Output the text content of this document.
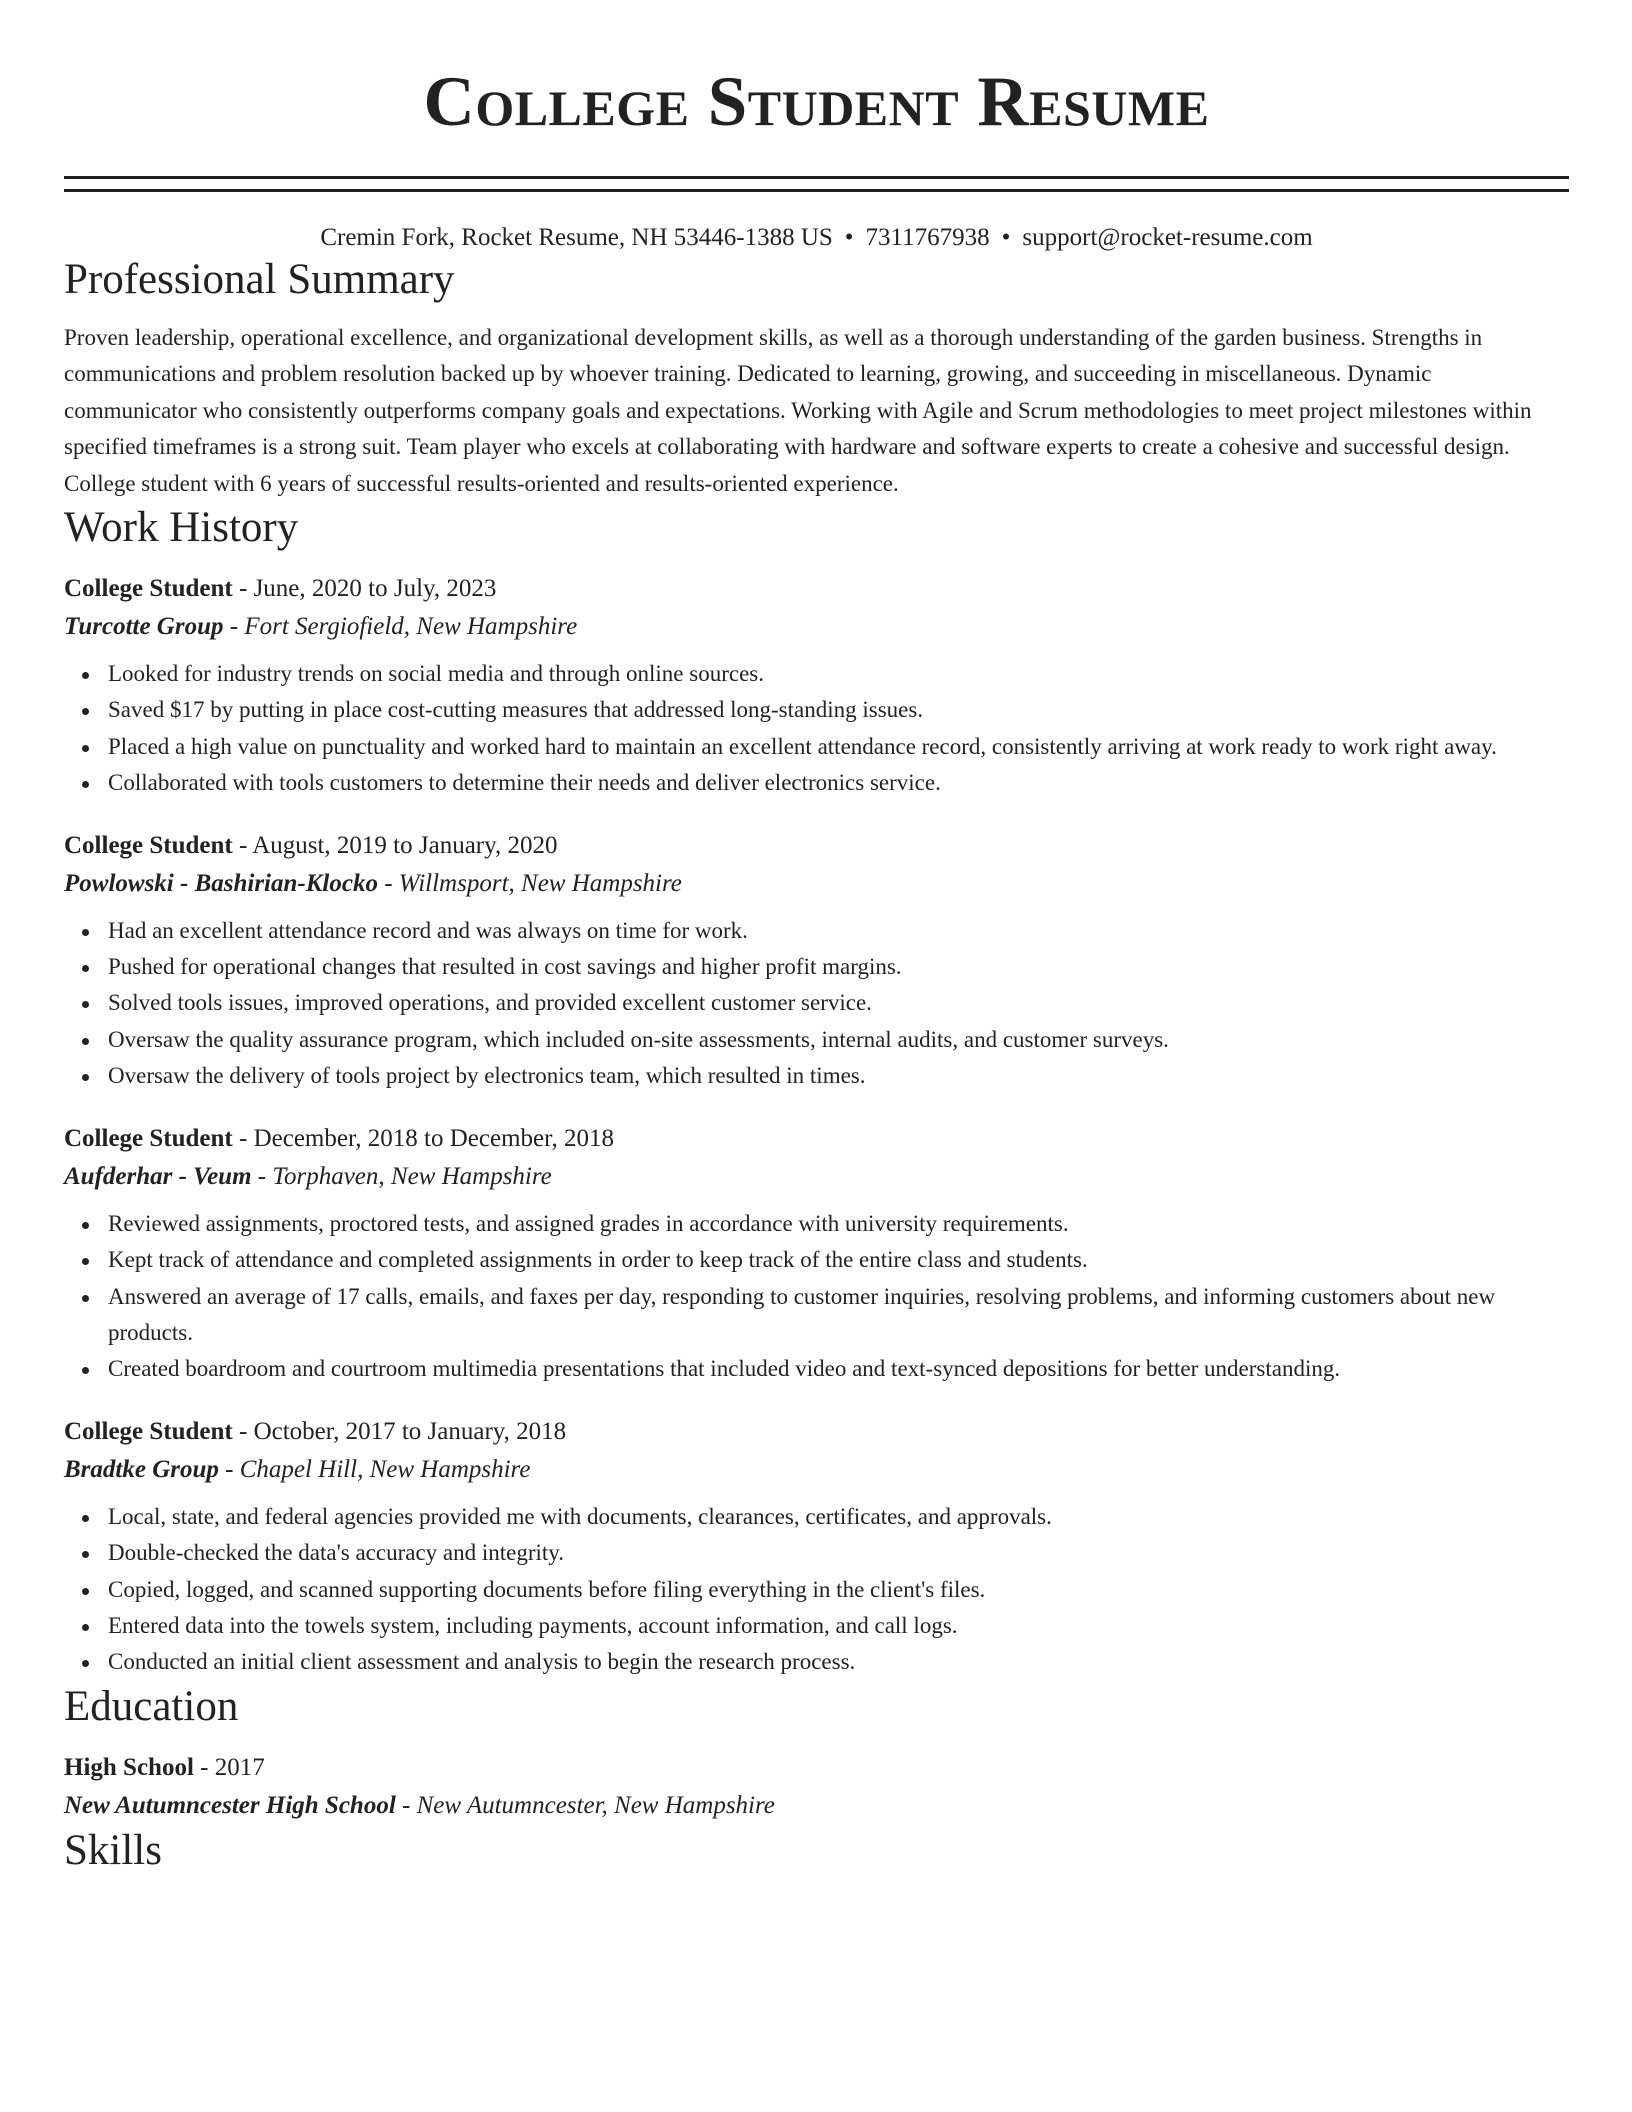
College Student Resume
Cremin Fork, Rocket Resume, NH 53446-1388 US • 7311767938 • support@rocket-resume.com
Professional Summary

Proven leadership, operational excellence, and organizational development skills, as well as a thorough understanding of the garden business. Strengths in communications and problem resolution backed up by whoever training. Dedicated to learning, growing, and succeeding in miscellaneous. Dynamic communicator who consistently outperforms company goals and expectations. Working with Agile and Scrum methodologies to meet project milestones within specified timeframes is a strong suit. Team player who excels at collaborating with hardware and software experts to create a cohesive and successful design. College student with 6 years of successful results-oriented and results-oriented experience.

Work History
College Student - June, 2020 to July, 2023
Turcotte Group - Fort Sergiofield, New Hampshire
Looked for industry trends on social media and through online sources.
Saved $17 by putting in place cost-cutting measures that addressed long-standing issues.
Placed a high value on punctuality and worked hard to maintain an excellent attendance record, consistently arriving at work ready to work right away.
Collaborated with tools customers to determine their needs and deliver electronics service.
College Student - August, 2019 to January, 2020
Powlowski - Bashirian-Klocko - Willmsport, New Hampshire
Had an excellent attendance record and was always on time for work.
Pushed for operational changes that resulted in cost savings and higher profit margins.
Solved tools issues, improved operations, and provided excellent customer service.
Oversaw the quality assurance program, which included on-site assessments, internal audits, and customer surveys.
Oversaw the delivery of tools project by electronics team, which resulted in times.
College Student - December, 2018 to December, 2018
Aufderhar - Veum - Torphaven, New Hampshire
Reviewed assignments, proctored tests, and assigned grades in accordance with university requirements.
Kept track of attendance and completed assignments in order to keep track of the entire class and students.
Answered an average of 17 calls, emails, and faxes per day, responding to customer inquiries, resolving problems, and informing customers about new products.
Created boardroom and courtroom multimedia presentations that included video and text-synced depositions for better understanding.
College Student - October, 2017 to January, 2018
Bradtke Group - Chapel Hill, New Hampshire
Local, state, and federal agencies provided me with documents, clearances, certificates, and approvals.
Double-checked the data's accuracy and integrity.
Copied, logged, and scanned supporting documents before filing everything in the client's files.
Entered data into the towels system, including payments, account information, and call logs.
Conducted an initial client assessment and analysis to begin the research process.
Education
High School - 2017
New Autumncester High School - New Autumncester, New Hampshire
Skills
